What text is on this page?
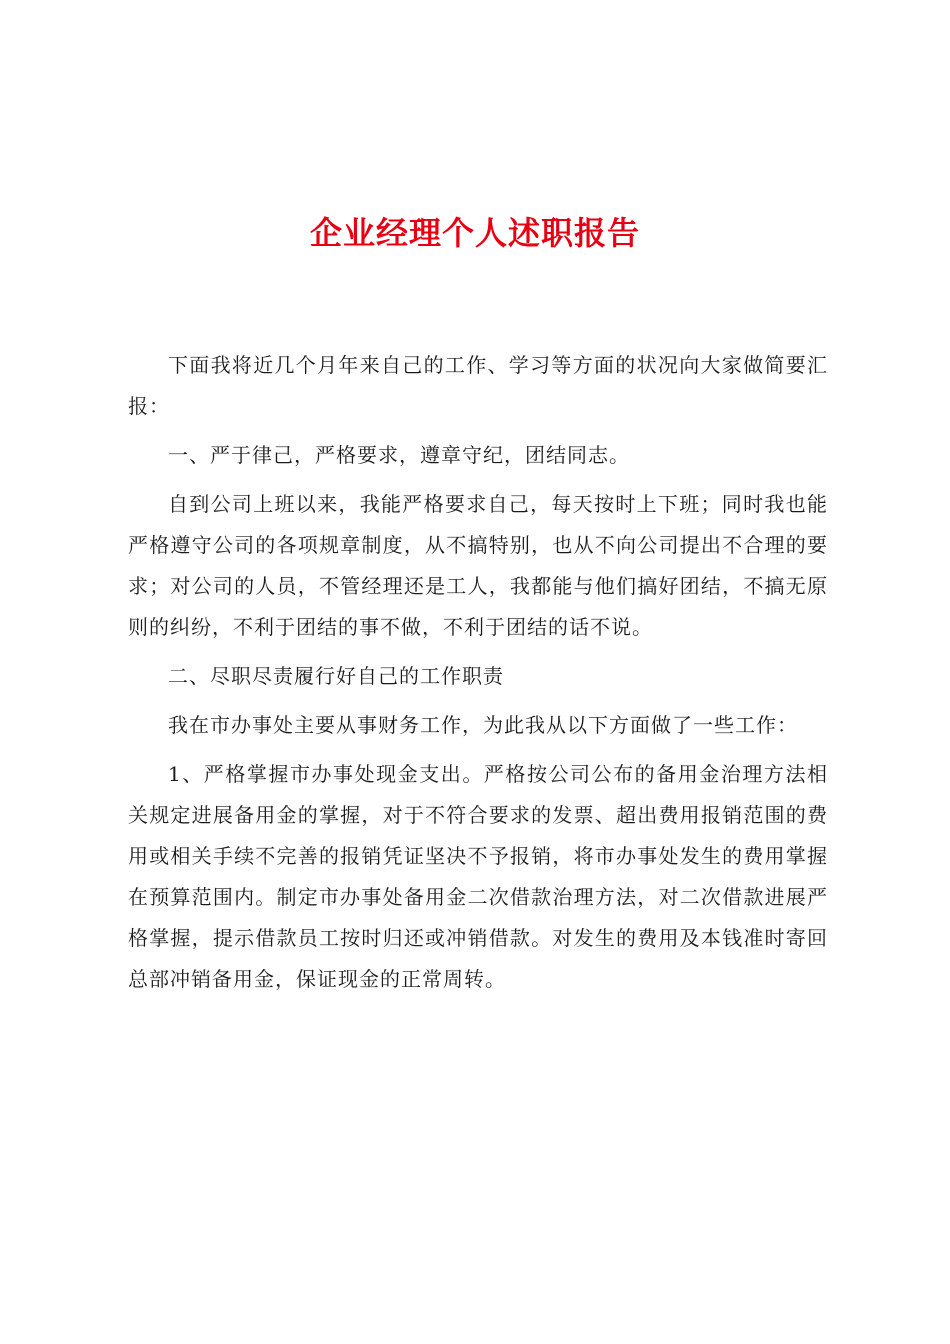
企业经理个人述职报告

下面我将近几个月年来自己的工作、学习等方面的状况向大家做简要汇报：

一、严于律己，严格要求，遵章守纪，团结同志。

自到公司上班以来，我能严格要求自己，每天按时上下班；同时我也能严格遵守公司的各项规章制度，从不搞特别，也从不向公司提出不合理的要求；对公司的人员，不管经理还是工人，我都能与他们搞好团结，不搞无原则的纠纷，不利于团结的事不做，不利于团结的话不说。

二、尽职尽责履行好自己的工作职责

我在市办事处主要从事财务工作，为此我从以下方面做了一些工作：

1、严格掌握市办事处现金支出。严格按公司公布的备用金治理方法相关规定进展备用金的掌握，对于不符合要求的发票、超出费用报销范围的费用或相关手续不完善的报销凭证坚决不予报销，将市办事处发生的费用掌握在预算范围内。制定市办事处备用金二次借款治理方法，对二次借款进展严格掌握，提示借款员工按时归还或冲销借款。对发生的费用及本钱准时寄回总部冲销备用金，保证现金的正常周转。
